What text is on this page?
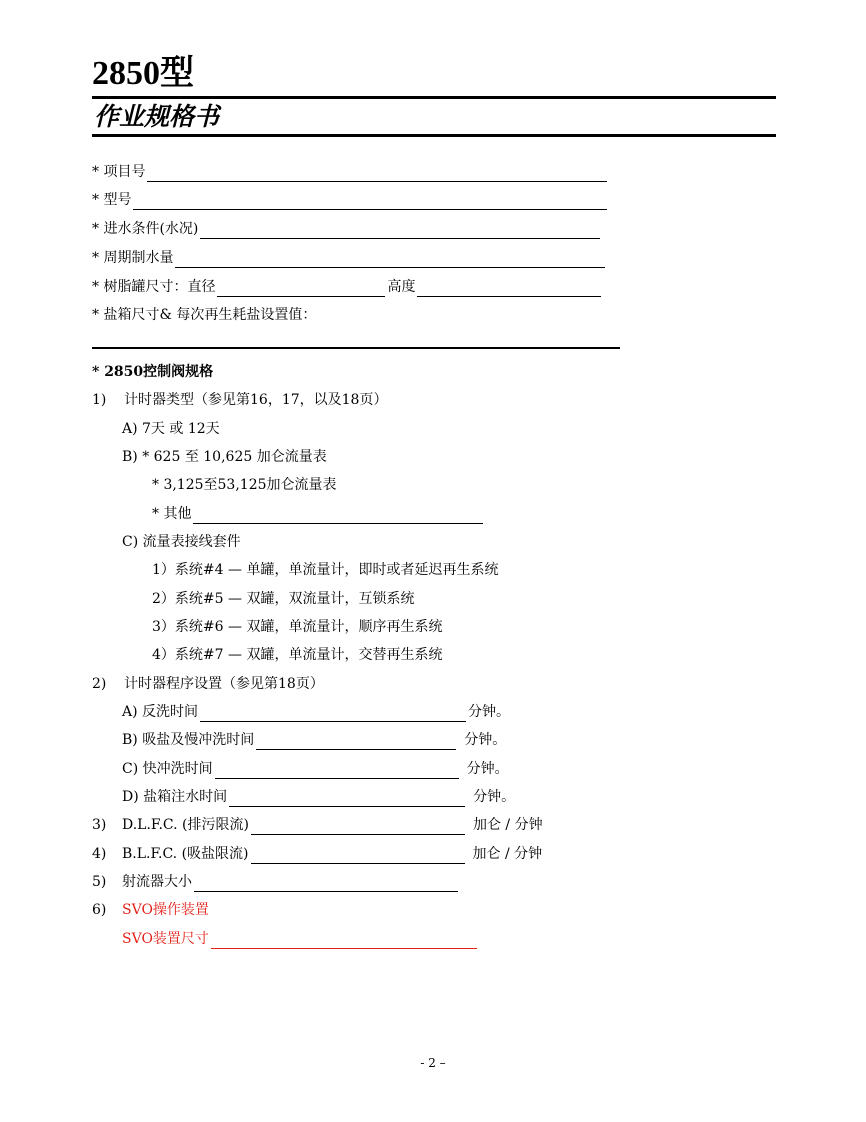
2850型
作业规格书
* 项目号
* 型号
* 进水条件(水况)
* 周期制水量
* 树脂罐尺寸：直径	高度
* 盐箱尺寸& 每次再生耗盐设置值：
* 2850控制阀规格
1)	计时器类型（参见第16，17，以及18页）
A) 7天 或 12天
B) * 625 至 10,625 加仑流量表
* 3,125至53,125加仑流量表
* 其他
C) 流量表接线套件
1）系统#4 — 单罐，单流量计，即时或者延迟再生系统
2）系统#5 — 双罐，双流量计，互锁系统
3）系统#6 — 双罐，单流量计，顺序再生系统
4）系统#7 — 双罐，单流量计，交替再生系统
2)	计时器程序设置（参见第18页）
A) 反洗时间	分钟。
B) 吸盐及慢冲洗时间	分钟。
C) 快冲洗时间	分钟。
D) 盐箱注水时间	分钟。
3)	D.L.F.C. (排污限流)	加仑 / 分钟
4)	B.L.F.C. (吸盐限流)	加仑 / 分钟
5)	射流器大小
6)	SVO操作装置
SVO装置尺寸
- 2 –
